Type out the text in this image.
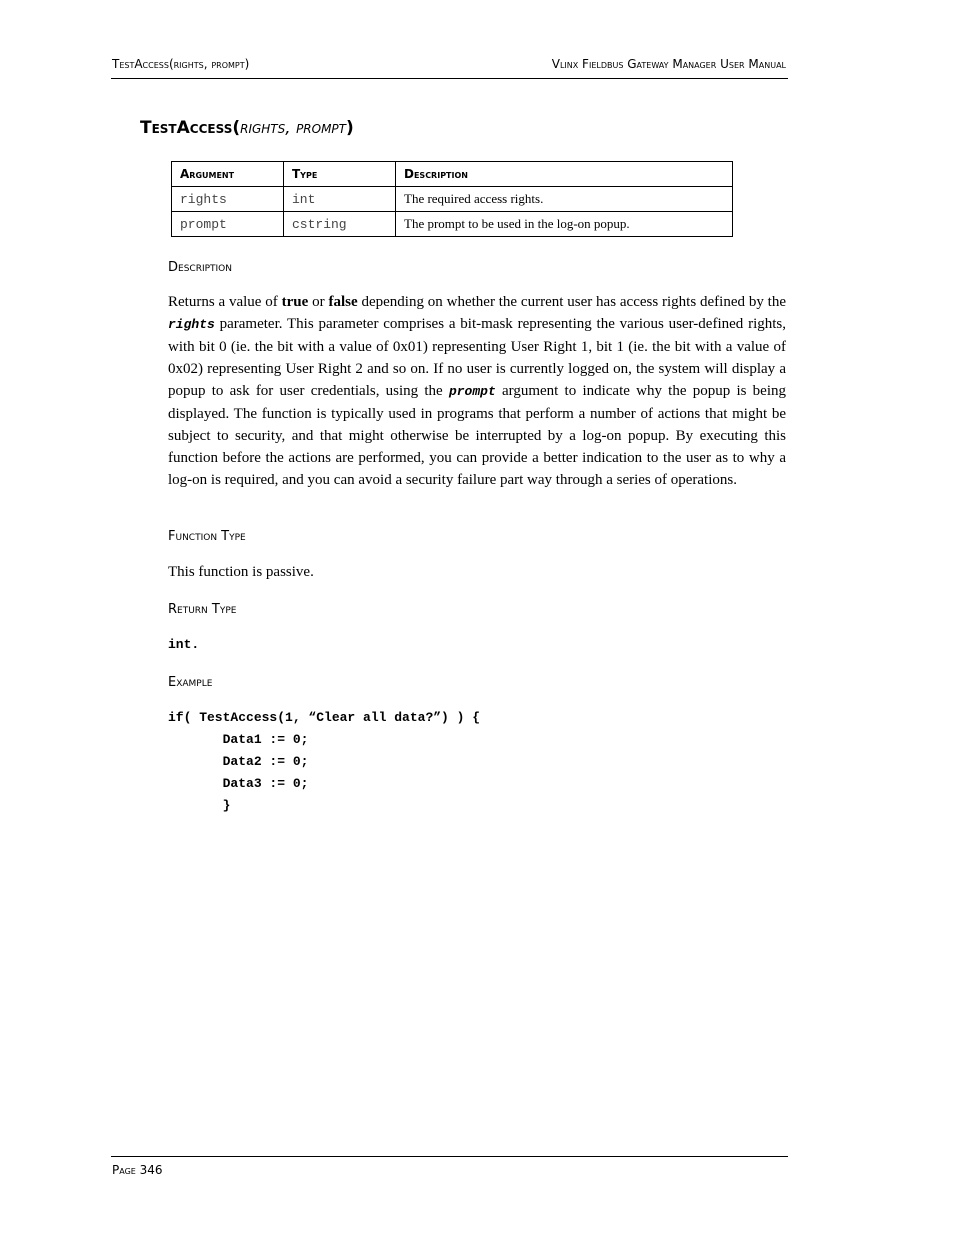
TestAccess(rights, prompt)	Vlinx Fieldbus Gateway Manager User Manual
TestAccess(rights, prompt)
Argument	Type	Description
rights	int	The required access rights.
prompt	cstring	The prompt to be used in the log-on popup.
Description
Returns a value of true or false depending on whether the current user has access rights defined by the rights parameter. This parameter comprises a bit-mask representing the various user-defined rights, with bit 0 (ie. the bit with a value of 0x01) representing User Right 1, bit 1 (ie. the bit with a value of 0x02) representing User Right 2 and so on. If no user is currently logged on, the system will display a popup to ask for user credentials, using the prompt argument to indicate why the popup is being displayed. The function is typically used in programs that perform a number of actions that might be subject to security, and that might otherwise be interrupted by a log-on popup. By executing this function before the actions are performed, you can provide a better indication to the user as to why a log-on is required, and you can avoid a security failure part way through a series of operations.
Function Type
This function is passive.
Return Type
int.
Example
if( TestAccess(1, “Clear all data?”) ) {
Data1 := 0;
Data2 := 0;
Data3 := 0;
}
Page 346
